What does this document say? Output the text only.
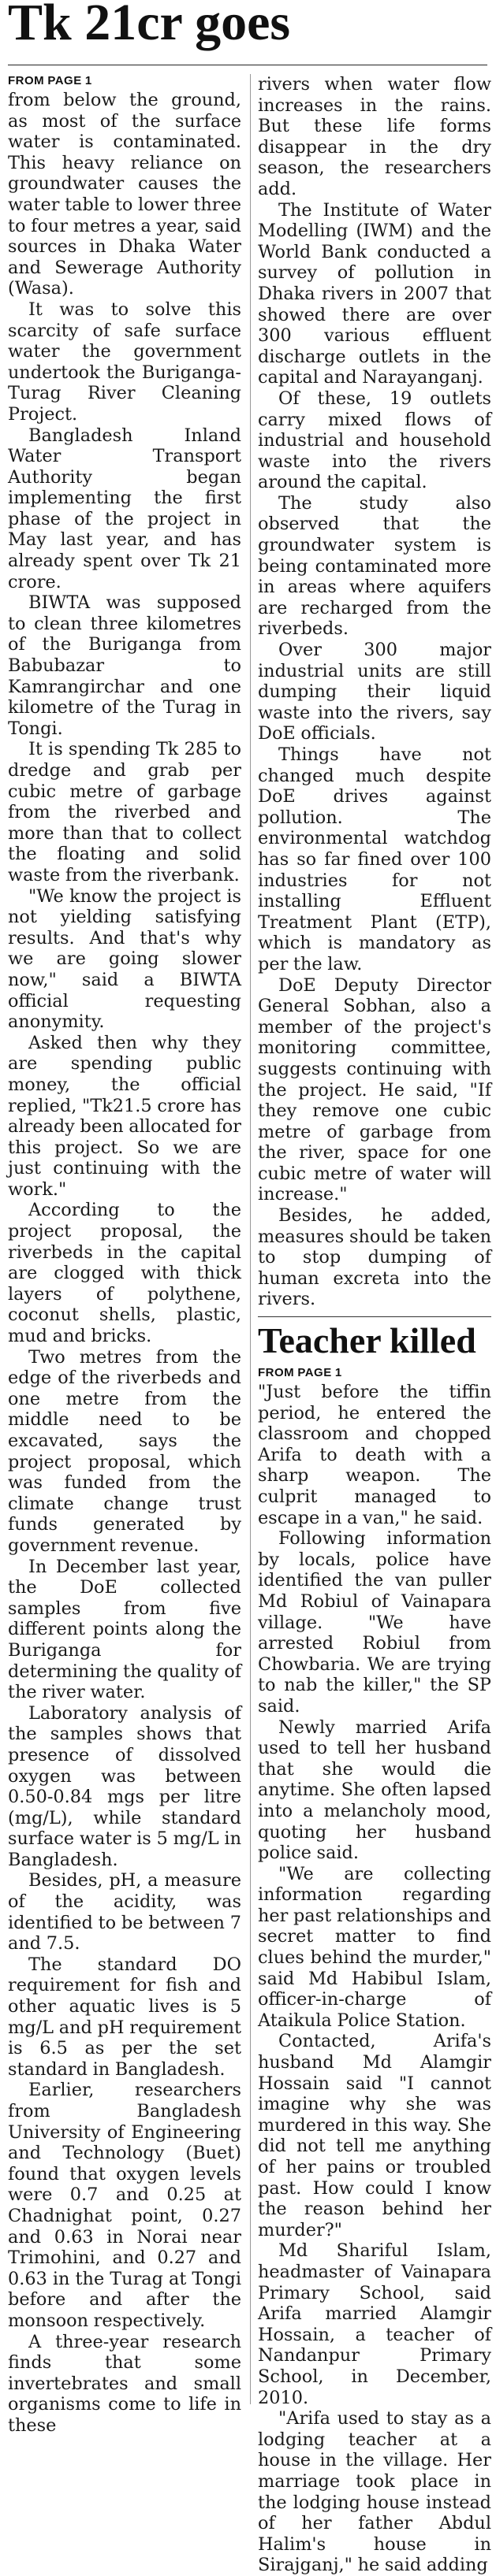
Tk 21cr goes
FROM PAGE 1

from below the ground, as most of the surface water is contaminated. This heavy reliance on groundwater causes the water table to lower three to four metres a year, said sources in Dhaka Water and Sewerage Authority (Wasa).

It was to solve this scarcity of safe surface water the government undertook the Buriganga-Turag River Cleaning Project.

Bangladesh Inland Water Transport Authority began implementing the first phase of the project in May last year, and has already spent over Tk 21 crore.

BIWTA was supposed to clean three kilometres of the Buriganga from Babubazar to Kamrangirchar and one kilometre of the Turag in Tongi.

It is spending Tk 285 to dredge and grab per cubic metre of garbage from the riverbed and more than that to collect the floating and solid waste from the riverbank.

"We know the project is not yielding satisfying results. And that's why we are going slower now," said a BIWTA official requesting anonymity.

Asked then why they are spending public money, the official replied, "Tk21.5 crore has already been allocated for this project. So we are just continuing with the work."

According to the project proposal, the riverbeds in the capital are clogged with thick layers of polythene, coconut shells, plastic, mud and bricks.

Two metres from the edge of the riverbeds and one metre from the middle need to be excavated, says the project proposal, which was funded from the climate change trust funds generated by government revenue.

In December last year, the DoE collected samples from five different points along the Buriganga for determining the quality of the river water.

Laboratory analysis of the samples shows that presence of dissolved oxygen was between 0.50-0.84 mgs per litre (mg/L), while standard surface water is 5 mg/L in Bangladesh.

Besides, pH, a measure of the acidity, was identified to be between 7 and 7.5.

The standard DO requirement for fish and other aquatic lives is 5 mg/L and pH requirement is 6.5 as per the set standard in Bangladesh.

Earlier, researchers from Bangladesh University of Engineering and Technology (Buet) found that oxygen levels were 0.7 and 0.25 at Chadnighat point, 0.27 and 0.63 in Norai near Trimohini, and 0.27 and 0.63 in the Turag at Tongi before and after the monsoon respectively.

A three-year research finds that some invertebrates and small organisms come to life in these

rivers when water flow increases in the rains. But these life forms disappear in the dry season, the researchers add.

The Institute of Water Modelling (IWM) and the World Bank conducted a survey of pollution in Dhaka rivers in 2007 that showed there are over 300 various effluent discharge outlets in the capital and Narayanganj.

Of these, 19 outlets carry mixed flows of industrial and household waste into the rivers around the capital.

The study also observed that the groundwater system is being contaminated more in areas where aquifers are recharged from the riverbeds.

Over 300 major industrial units are still dumping their liquid waste into the rivers, say DoE officials.

Things have not changed much despite DoE drives against pollution. The environmental watchdog has so far fined over 100 industries for not installing Effluent Treatment Plant (ETP), which is mandatory as per the law.

DoE Deputy Director General Sobhan, also a member of the project's monitoring committee, suggests continuing with the project. He said, "If they remove one cubic metre of garbage from the river, space for one cubic metre of water will increase."

Besides, he added, measures should be taken to stop dumping of human excreta into the rivers.

Teacher killed
FROM PAGE 1

"Just before the tiffin period, he entered the classroom and chopped Arifa to death with a sharp weapon. The culprit managed to escape in a van," he said.

Following information by locals, police have identified the van puller Md Robiul of Vainapara village. "We have arrested Robiul from Chowbaria. We are trying to nab the killer," the SP said.

Newly married Arifa used to tell her husband that she would die anytime. She often lapsed into a melancholy mood, quoting her husband police said.

"We are collecting information regarding her past relationships and secret matter to find clues behind the murder," said Md Habibul Islam, officer-in-charge of Ataikula Police Station.

Contacted, Arifa's husband Md Alamgir Hossain said "I cannot imagine why she was murdered in this way. She did not tell me anything of her pains or troubled past. How could I know the reason behind her murder?"

Md Shariful Islam, headmaster of Vainapara Primary School, said Arifa married Alamgir Hossain, a teacher of Nandanpur Primary School, in December, 2010.

"Arifa used to stay as a lodging teacher at a house in the village. Her marriage took place in the lodging house instead of her father Abdul Halim's house in Sirajganj," he said adding
